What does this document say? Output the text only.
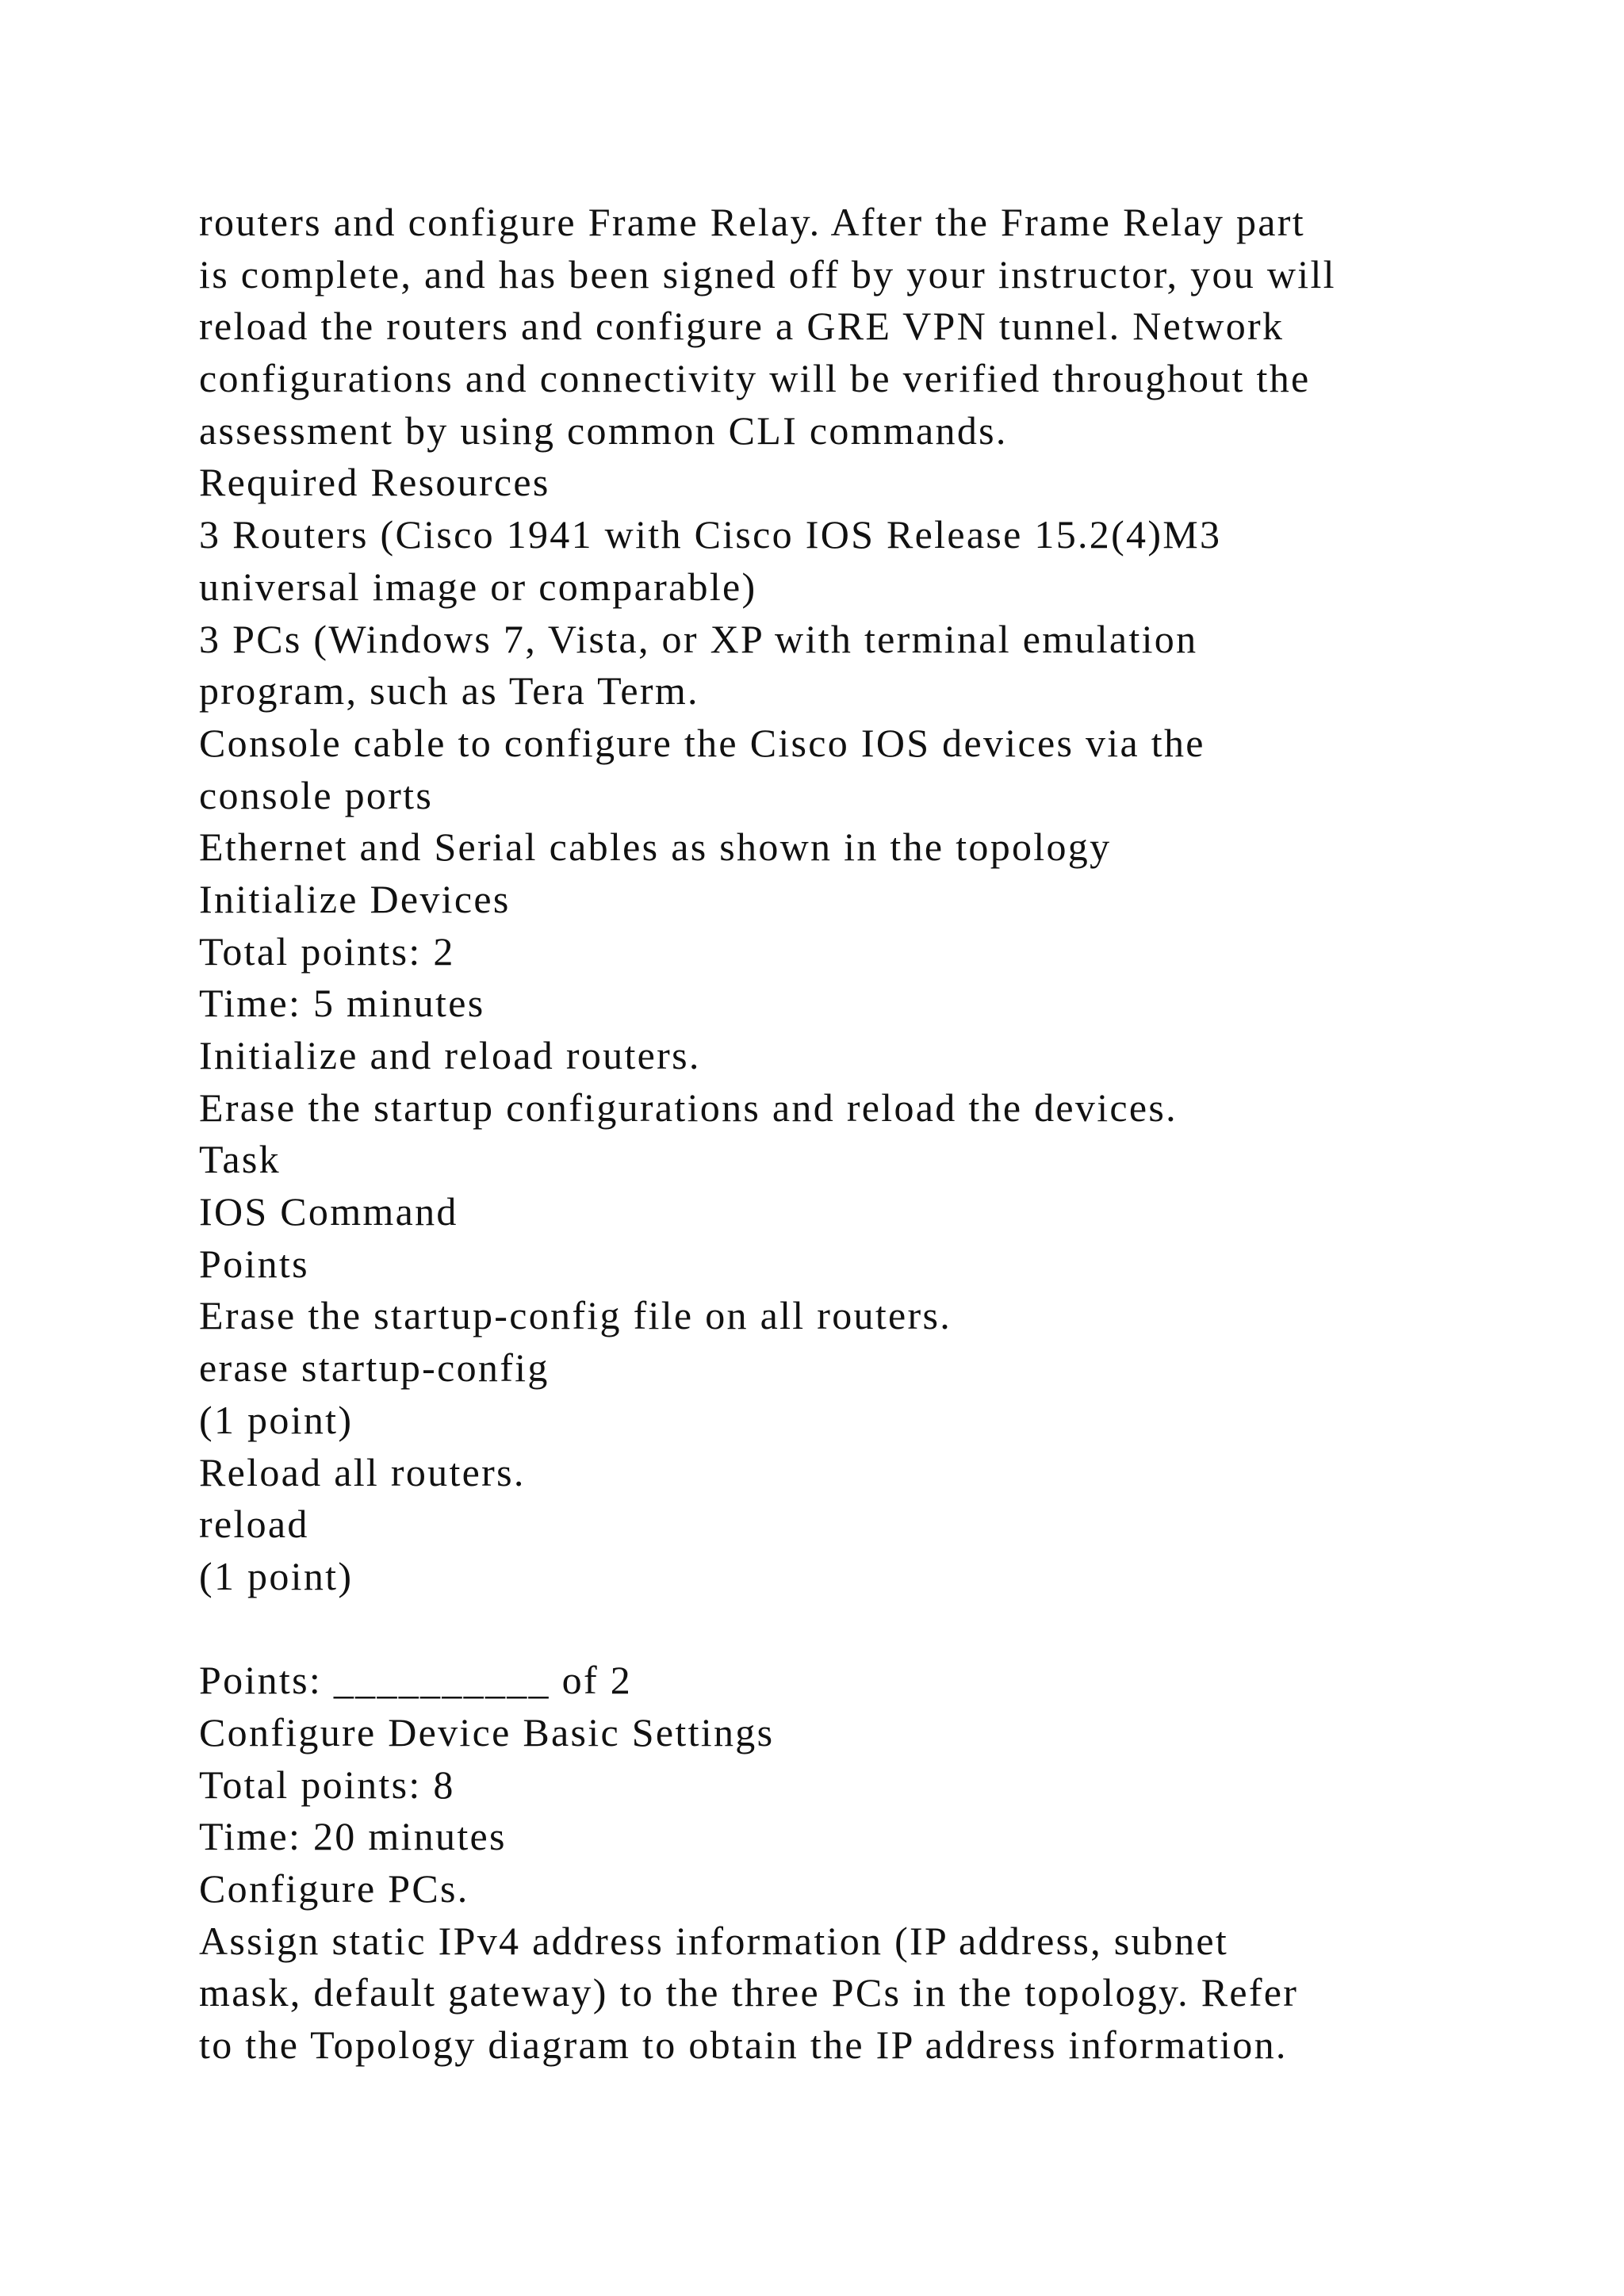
routers and configure Frame Relay. After the Frame Relay part
is complete, and has been signed off by your instructor, you will
reload the routers and configure a GRE VPN tunnel. Network
configurations and connectivity will be verified throughout the
assessment by using common CLI commands.
Required Resources
3 Routers (Cisco 1941 with Cisco IOS Release 15.2(4)M3
universal image or comparable)
3 PCs (Windows 7, Vista, or XP with terminal emulation
program, such as Tera Term.
Console cable to configure the Cisco IOS devices via the
console ports
Ethernet and Serial cables as shown in the topology
Initialize Devices
Total points: 2
Time: 5 minutes
Initialize and reload routers.
Erase the startup configurations and reload the devices.
Task
IOS Command
Points
Erase the startup-config file on all routers.
erase startup-config
(1 point)
Reload all routers.
reload
(1 point)
Points: __________ of 2
Configure Device Basic Settings
Total points: 8
Time: 20 minutes
Configure PCs.
Assign static IPv4 address information (IP address, subnet
mask, default gateway) to the three PCs in the topology. Refer
to the Topology diagram to obtain the IP address information.
